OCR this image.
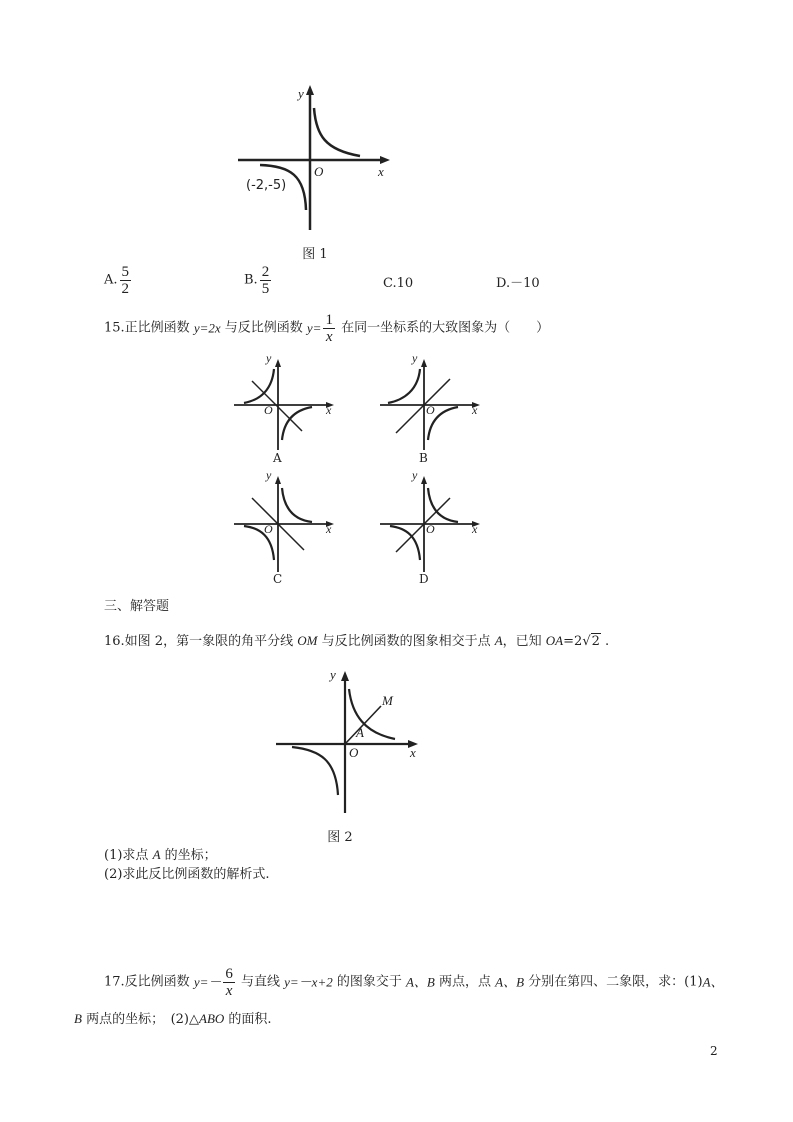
y
x
O
(-2,-5)
图 1
A. $\frac{5}{2}$	B. $\frac{2}{5}$	C.10	D.－10
15.正比例函数 y=2x 与反比例函数 $y= \frac{1}{x}$ 在同一坐标系的大致图象为（　　）
y
x
O
A
y
x
O
B
y
x
O
C
y
x
O
D
三、解答题
16.如图 2，第一象限的角平分线 OM 与反比例函数的图象相交于点 A，已知 OA=2√2 .
y
x
O
A
M
图 2
(1)求点 A 的坐标；
(2)求此反比例函数的解析式.
17.反比例函数 $y=- \frac{6}{x}$ 与直线 y=－x+2 的图象交于 A、B 两点，点 A、B 分别在第四、二象限，求：(1)A、
B 两点的坐标；　(2)△ABO 的面积.
2
